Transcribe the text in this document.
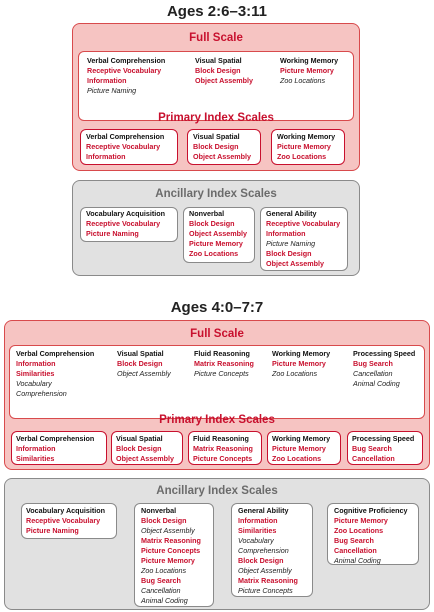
Ages 2:6–3:11
Full Scale
Verbal Comprehension
Receptive Vocabulary
Information
Picture Naming
Visual Spatial
Block Design
Object Assembly
Working Memory
Picture Memory
Zoo Locations
Primary Index Scales
Verbal Comprehension
Receptive Vocabulary
Information
Visual Spatial
Block Design
Object Assembly
Working Memory
Picture Memory
Zoo Locations
Ancillary Index Scales
Vocabulary Acquisition
Receptive Vocabulary
Picture Naming
Nonverbal
Block Design
Object Assembly
Picture Memory
Zoo Locations
General Ability
Receptive Vocabulary
Information
Picture Naming
Block Design
Object Assembly
Ages 4:0–7:7
Full Scale
Verbal Comprehension
Information
Similarities
Vocabulary
Comprehension
Visual Spatial
Block Design
Object Assembly
Fluid Reasoning
Matrix Reasoning
Picture Concepts
Working Memory
Picture Memory
Zoo Locations
Processing Speed
Bug Search
Cancellation
Animal Coding
Primary Index Scales
Verbal Comprehension
Information
Similarities
Visual Spatial
Block Design
Object Assembly
Fluid Reasoning
Matrix Reasoning
Picture Concepts
Working Memory
Picture Memory
Zoo Locations
Processing Speed
Bug Search
Cancellation
Ancillary Index Scales
Vocabulary Acquisition
Receptive Vocabulary
Picture Naming
Nonverbal
Block Design
Object Assembly
Matrix Reasoning
Picture Concepts
Picture Memory
Zoo Locations
Bug Search
Cancellation
Animal Coding
General Ability
Information
Similarities
Vocabulary
Comprehension
Block Design
Object Assembly
Matrix Reasoning
Picture Concepts
Cognitive Proficiency
Picture Memory
Zoo Locations
Bug Search
Cancellation
Animal Coding
